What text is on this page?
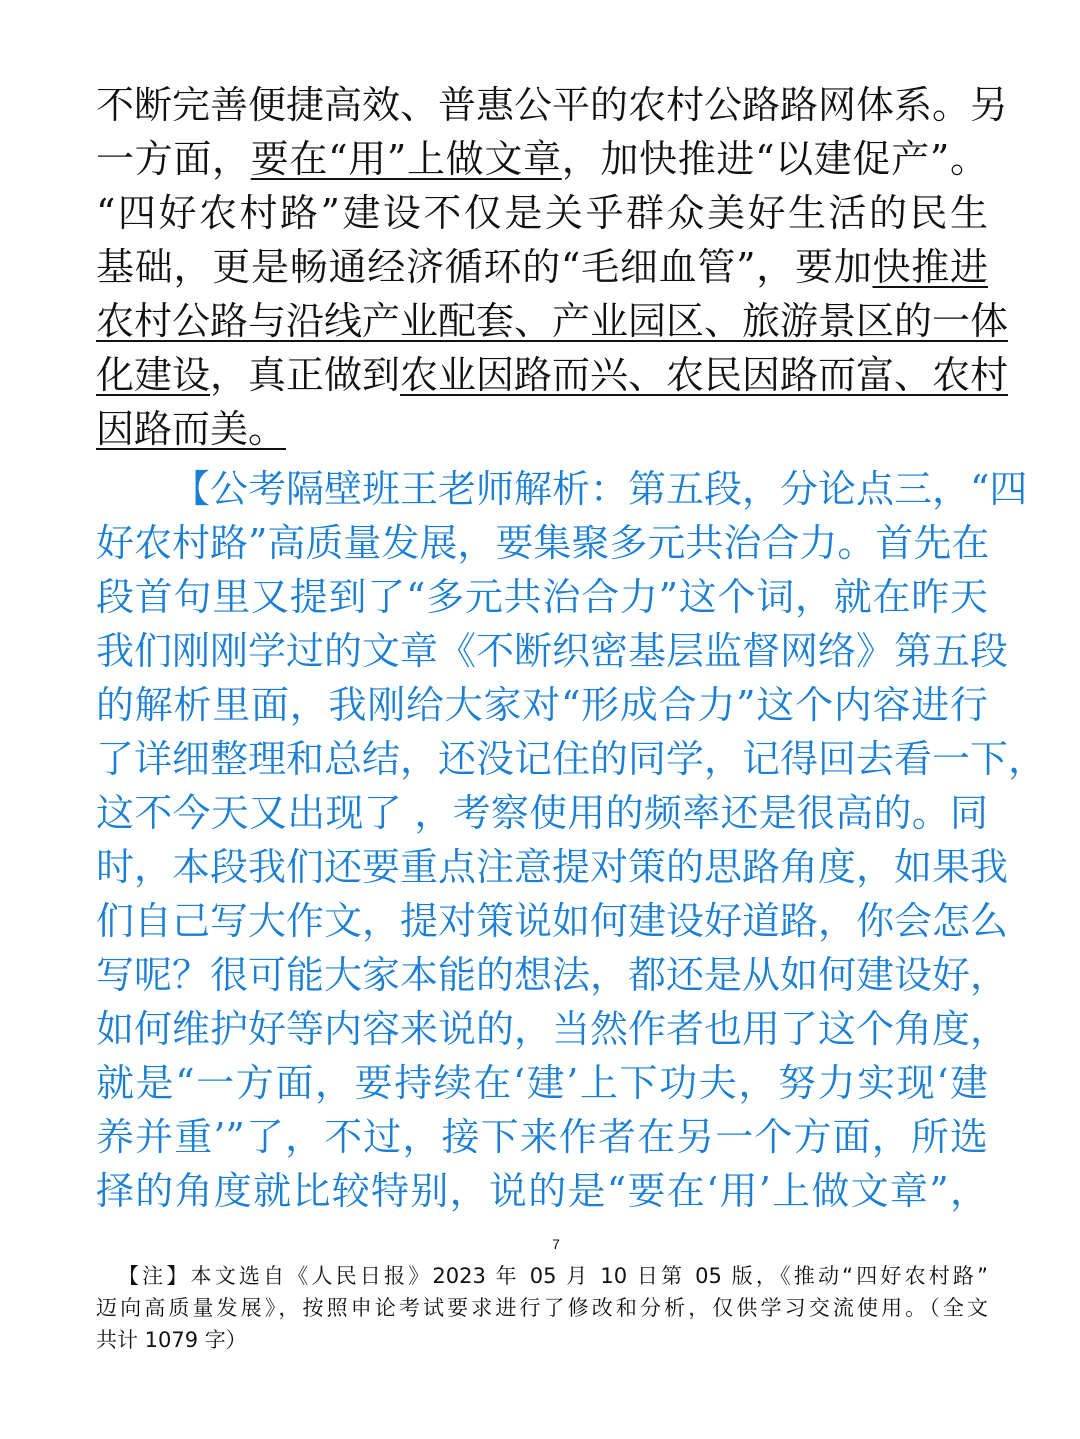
不断完善便捷高效、普惠公平的农村公路路网体系。另
一方面，要在“用”上做文章，加快推进“以建促产”。
“四好农村路”建设不仅是关乎群众美好生活的民生
基础，更是畅通经济循环的“毛细血管”，要加快推进
农村公路与沿线产业配套、产业园区、旅游景区的一体
化建设，真正做到农业因路而兴、农民因路而富、农村
因路而美。
【公考隔壁班王老师解析：第五段，分论点三，“四
好农村路”高质量发展，要集聚多元共治合力。首先在
段首句里又提到了“多元共治合力”这个词，就在昨天
我们刚刚学过的文章《不断织密基层监督网络》第五段
的解析里面，我刚给大家对“形成合力”这个内容进行
了详细整理和总结，还没记住的同学，记得回去看一下，
这不今天又出现了 ，考察使用的频率还是很高的。同
时，本段我们还要重点注意提对策的思路角度，如果我
们自己写大作文，提对策说如何建设好道路，你会怎么
写呢？很可能大家本能的想法，都还是从如何建设好，
如何维护好等内容来说的，当然作者也用了这个角度，
就是“一方面，要持续在‘建’上下功夫，努力实现‘建
养并重’”了，不过，接下来作者在另一个方面，所选
择的角度就比较特别，说的是“要在‘用’上做文章”，
7
【注】本文选自《人民日报》2023 年 05 月 10 日第 05 版，《推动“四好农村路”
迈向高质量发展》，按照申论考试要求进行了修改和分析，仅供学习交流使用。（全文
共计 1079 字）
